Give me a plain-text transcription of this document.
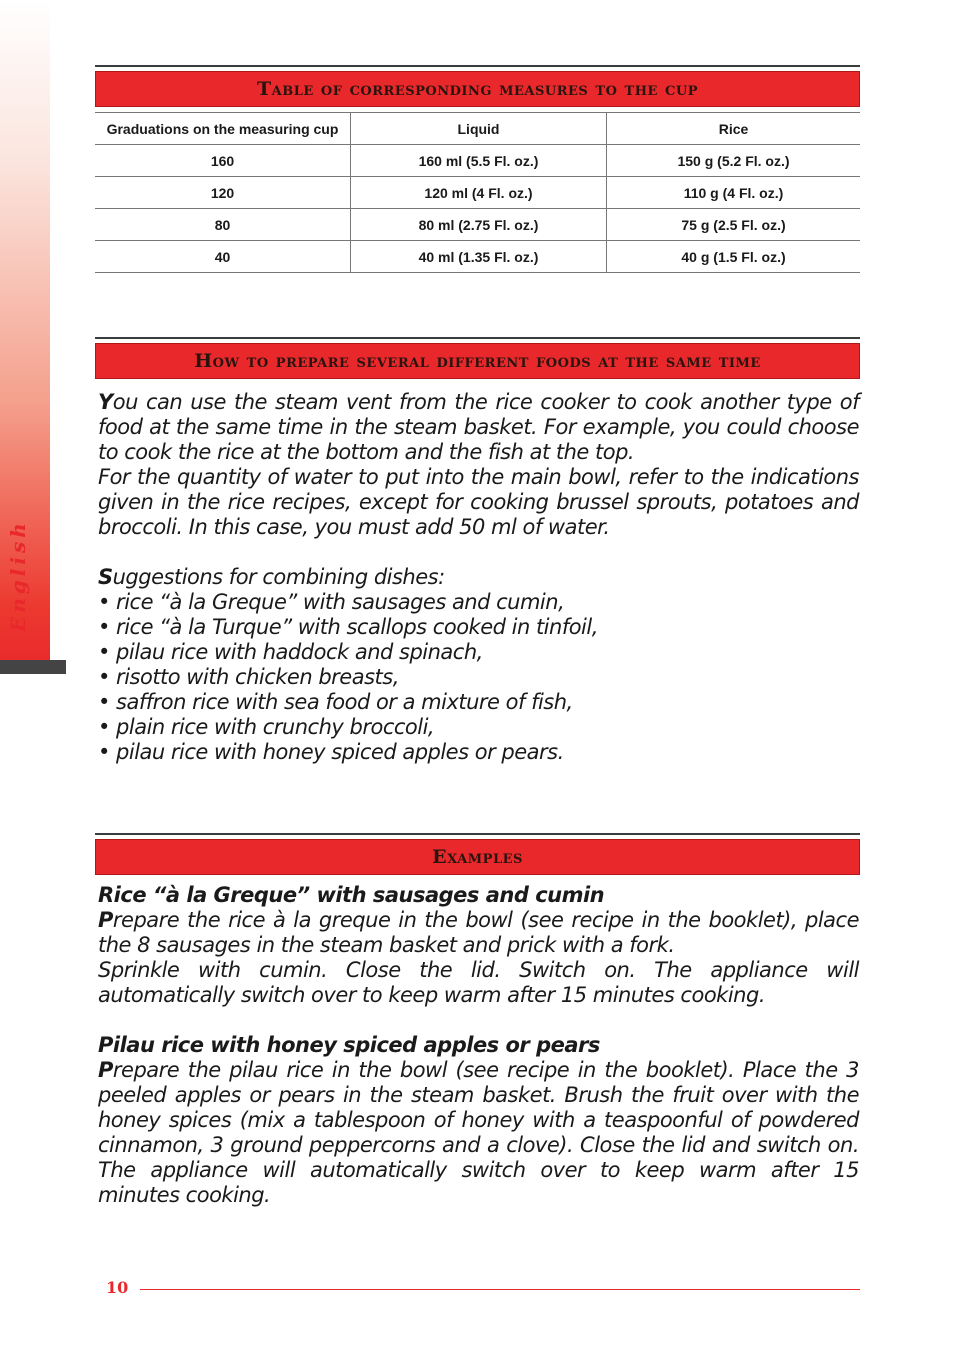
English
Table of corresponding measures to the cup
Graduations on the measuring cup	Liquid	Rice
160	160 ml (5.5 Fl. oz.)	150 g (5.2 Fl. oz.)
120	120 ml (4 Fl. oz.)	110 g (4 Fl. oz.)
80	80 ml (2.75 Fl. oz.)	75 g (2.5 Fl. oz.)
40	40 ml (1.35 Fl. oz.)	40 g (1.5 Fl. oz.)
How to prepare several different foods at the same time

You can use the steam vent from the rice cooker to cook another type of food at the same time in the steam basket. For example, you could choose to cook the rice at the bottom and the fish at the top.

For the quantity of water to put into the main bowl, refer to the indications given in the rice recipes, except for cooking brussel sprouts, potatoes and broccoli. In this case, you must add 50 ml of water.

Suggestions for combining dishes:

• rice “à la Greque” with sausages and cumin,

• rice “à la Turque” with scallops cooked in tinfoil,

• pilau rice with haddock and spinach,

• risotto with chicken breasts,

• saffron rice with sea food or a mixture of fish,

• plain rice with crunchy broccoli,

• pilau rice with honey spiced apples or pears.

Examples

Rice “à la Greque” with sausages and cumin

Prepare the rice à la greque in the bowl (see recipe in the booklet), place the 8 sausages in the steam basket and prick with a fork.

Sprinkle with cumin. Close the lid. Switch on. The appliance will automatically switch over to keep warm after 15 minutes cooking.

Pilau rice with honey spiced apples or pears

Prepare the pilau rice in the bowl (see recipe in the booklet). Place the 3 peeled apples or pears in the steam basket. Brush the fruit over with the honey spices (mix a tablespoon of honey with a teaspoonful of powdered cinnamon, 3 ground peppercorns and a clove). Close the lid and switch on. The appliance will automatically switch over to keep warm after 15 minutes cooking.

10
